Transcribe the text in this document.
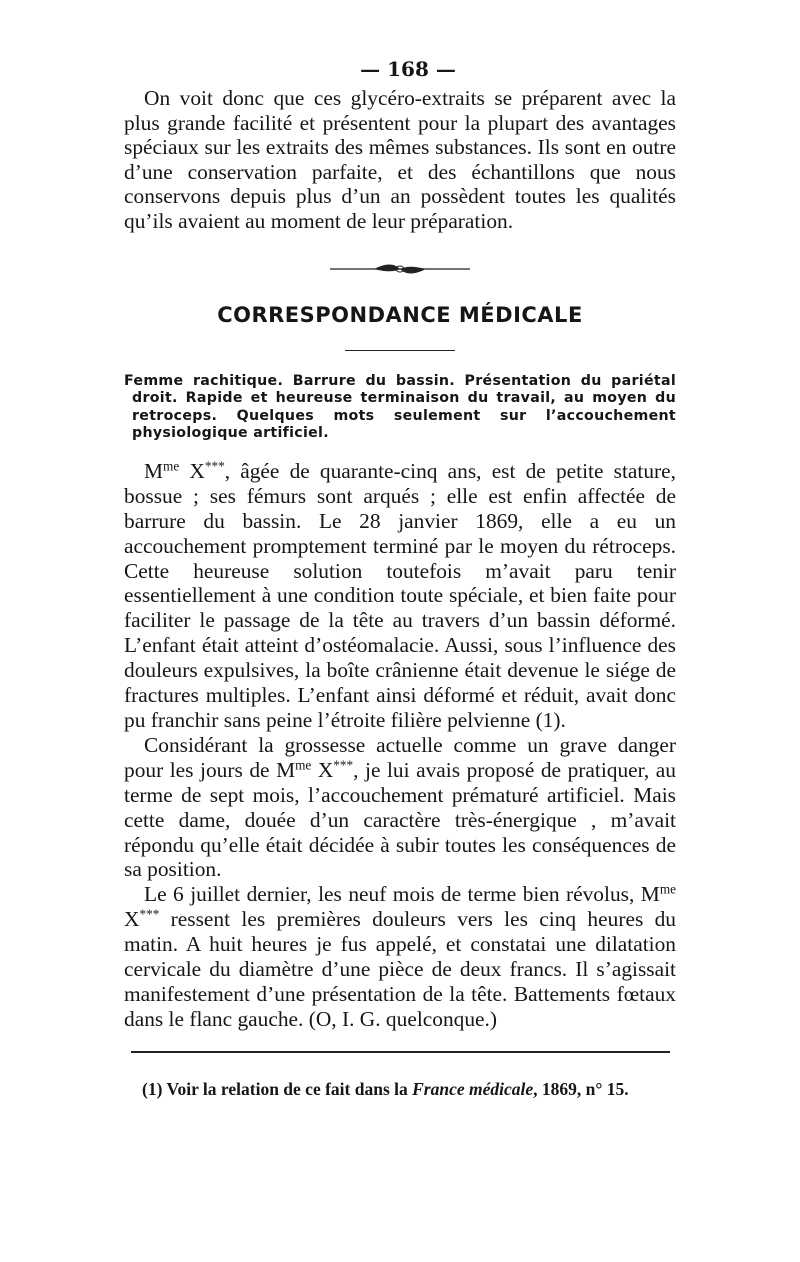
— 168 —

On voit donc que ces glycéro-extraits se préparent avec la plus grande facilité et présentent pour la plupart des avantages spéciaux sur les extraits des mêmes substances. Ils sont en outre d’une conservation parfaite, et des échantillons que nous conservons depuis plus d’un an possèdent toutes les qualités qu’ils avaient au moment de leur préparation.

CORRESPONDANCE MÉDICALE

Femme rachitique. Barrure du bassin. Présentation du pariétal droit. Rapide et heureuse terminaison du travail, au moyen du retroceps. Quelques mots seulement sur l’accouchement physiologique artificiel.

$M^{me}$ X***, âgée de quarante-cinq ans, est de petite stature, bossue ; ses fémurs sont arqués ; elle est enfin affectée de barrure du bassin. Le 28 janvier 1869, elle a eu un accouchement promptement terminé par le moyen du rétroceps. Cette heureuse solution toutefois m’avait paru tenir essentiellement à une condition toute spéciale, et bien faite pour faciliter le passage de la tête au travers d’un bassin déformé. L’enfant était atteint d’ostéomalacie. Aussi, sous l’influence des douleurs expulsives, la boîte crânienne était devenue le siége de fractures multiples. L’enfant ainsi déformé et réduit, avait donc pu franchir sans peine l’étroite filière pelvienne (1).

Considérant la grossesse actuelle comme un grave danger pour les jours de $M^{me}$ X***, je lui avais proposé de pratiquer, au terme de sept mois, l’accouchement prématuré artificiel. Mais cette dame, douée d’un caractère très-énergique , m’avait répondu qu’elle était décidée à subir toutes les conséquences de sa position.

Le 6 juillet dernier, les neuf mois de terme bien révolus, $M^{me}$ X*** ressent les premières douleurs vers les cinq heures du matin. A huit heures je fus appelé, et constatai une dilatation cervicale du diamètre d’une pièce de deux francs. Il s’agissait manifestement d’une présentation de la tête. Battements fœtaux dans le flanc gauche. (O, I. G. quelconque.)

(1) Voir la relation de ce fait dans la France médicale, 1869, n° 15.
